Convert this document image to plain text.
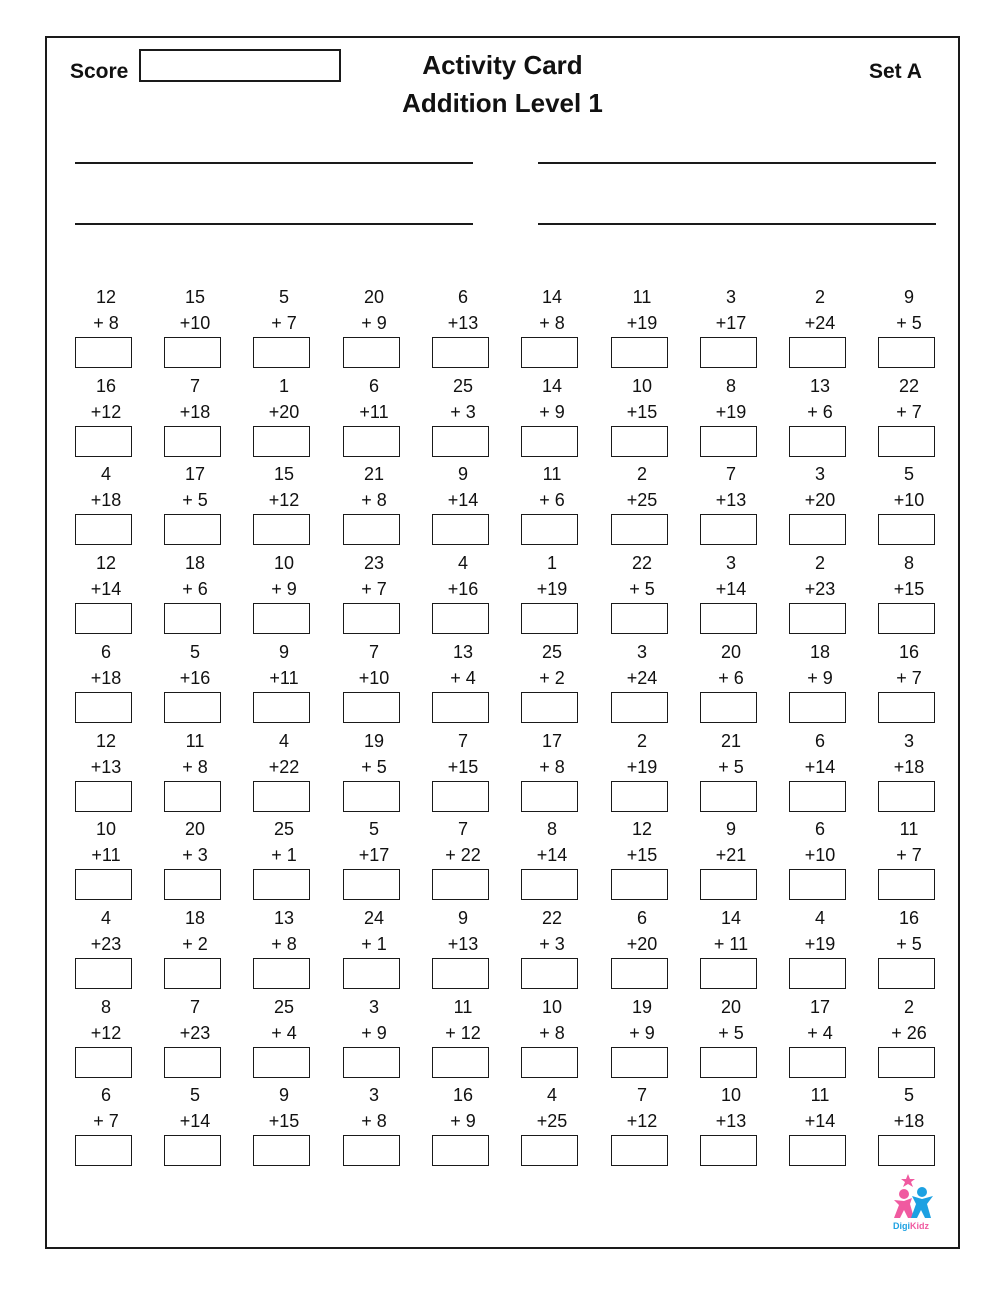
Score	Activity Card
Addition Level 1
Set A
12
+ 8
15
+10
5
+ 7
20
+ 9
6
+13
14
+ 8
11
+19
3
+17
2
+24
9
+ 5
16
+12
7
+18
1
+20
6
+11
25
+ 3
14
+ 9
10
+15
8
+19
13
+ 6
22
+ 7
4
+18
17
+ 5
15
+12
21
+ 8
9
+14
11
+ 6
2
+25
7
+13
3
+20
5
+10
12
+14
18
+ 6
10
+ 9
23
+ 7
4
+16
1
+19
22
+ 5
3
+14
2
+23
8
+15
6
+18
5
+16
9
+11
7
+10
13
+ 4
25
+ 2
3
+24
20
+ 6
18
+ 9
16
+ 7
12
+13
11
+ 8
4
+22
19
+ 5
7
+15
17
+ 8
2
+19
21
+ 5
6
+14
3
+18
10
+11
20
+ 3
25
+ 1
5
+17
7
+ 22
8
+14
12
+15
9
+21
6
+10
11
+ 7
4
+23
18
+ 2
13
+ 8
24
+ 1
9
+13
22
+ 3
6
+20
14
+ 11
4
+19
16
+ 5
8
+12
7
+23
25
+ 4
3
+ 9
11
+ 12
10
+ 8
19
+ 9
20
+ 5
17
+ 4
2
+ 26
6
+ 7
5
+14
9
+15
3
+ 8
16
+ 9
4
+25
7
+12
10
+13
11
+14
5
+18
DigiKidz
